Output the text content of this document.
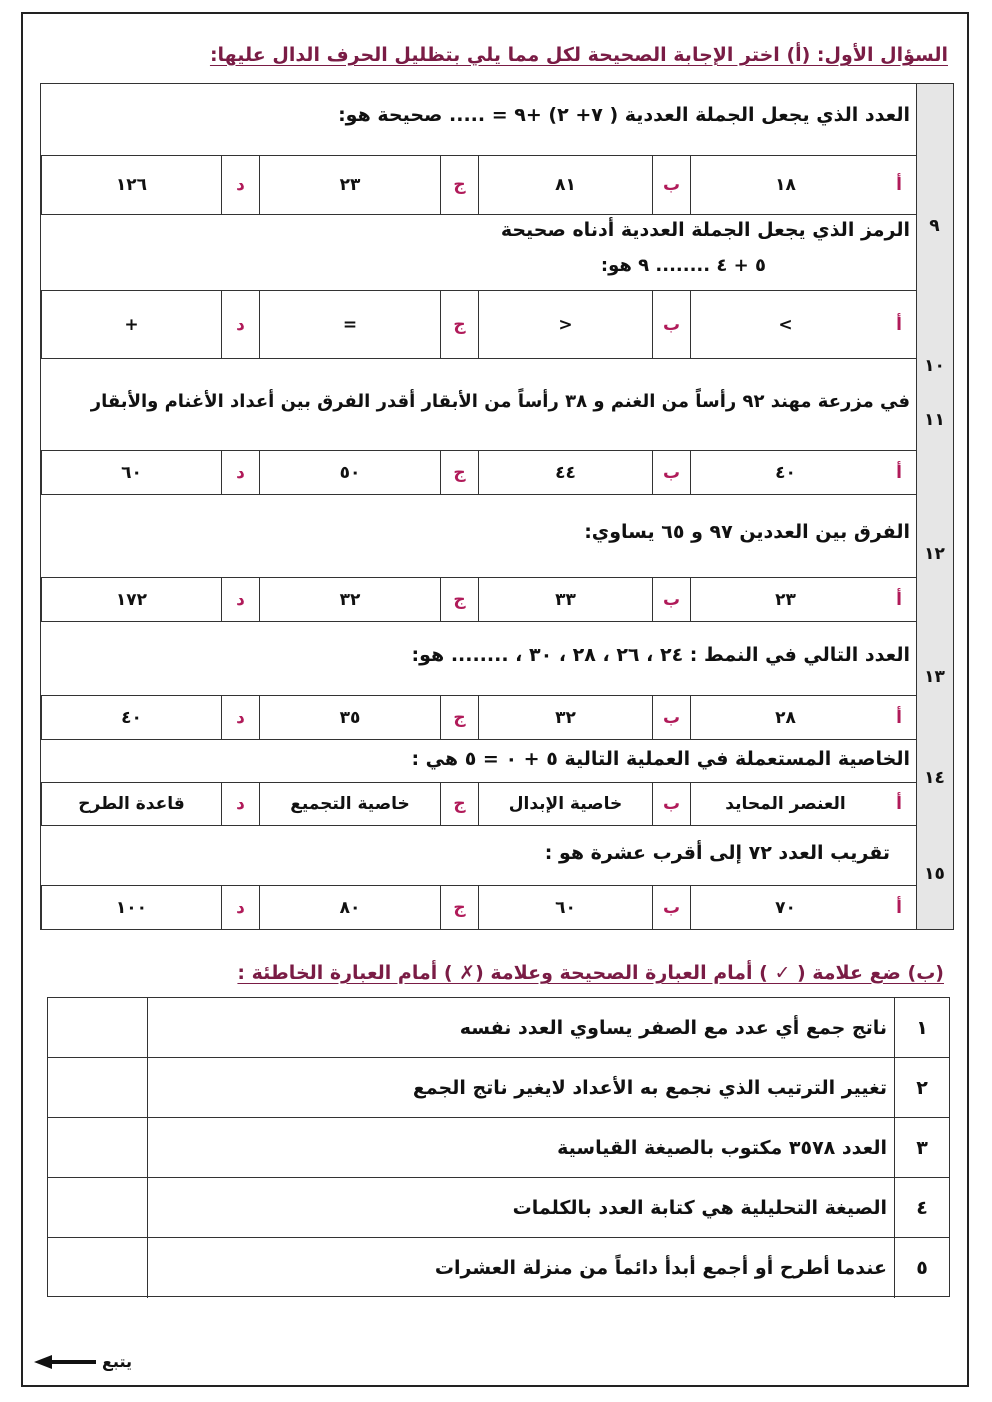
السؤال الأول: (أ) اختر الإجابة الصحيحة لكل مما يلي بتظليل الحرف الدال عليها:
٩
العدد الذي يجعل الجملة العددية ( ٧+ ٢) +٩ = ..... صحيحة هو:
أ
١٨
ب
٨١
ج
٢٣
د
١٢٦
١٠
الرمز الذي يجعل الجملة العددية أدناه صحيحة
٥ + ٤ ........ ٩ هو:
أ
<
ب
>
ج
=
د
+
١١
في مزرعة مهند ٩٢ رأساً من الغنم و ٣٨ رأساً من الأبقار أقدر الفرق بين أعداد الأغنام والأبقار
أ
٤٠
ب
٤٤
ج
٥٠
د
٦٠
١٢
الفرق بين العددين ٩٧ و ٦٥ يساوي:
أ
٢٣
ب
٣٣
ج
٣٢
د
١٧٢
١٣
العدد التالي في النمط : ٢٤ ، ٢٦ ، ٢٨ ، ٣٠ ، ........ هو:
أ
٢٨
ب
٣٢
ج
٣٥
د
٤٠
١٤
الخاصية المستعملة في العملية التالية ٥ + ٠ = ٥ هي :
أ
العنصر المحايد
ب
خاصية الإبدال
ج
خاصية التجميع
د
قاعدة الطرح
١٥
تقريب العدد ٧٢ إلى أقرب عشرة هو :
أ
٧٠
ب
٦٠
ج
٨٠
د
١٠٠
(ب) ضع علامة ( ✓ ) أمام العبارة الصحيحة وعلامة (✗ ) أمام العبارة الخاطئة :
١
ناتج جمع أي عدد مع الصفر يساوي العدد نفسه
٢
تغيير الترتيب الذي نجمع به الأعداد لايغير ناتج الجمع
٣
العدد ٣٥٧٨ مكتوب بالصيغة القياسية
٤
الصيغة التحليلية هي كتابة العدد بالكلمات
٥
عندما أطرح أو أجمع أبدأ دائماً من منزلة العشرات
يتبع
